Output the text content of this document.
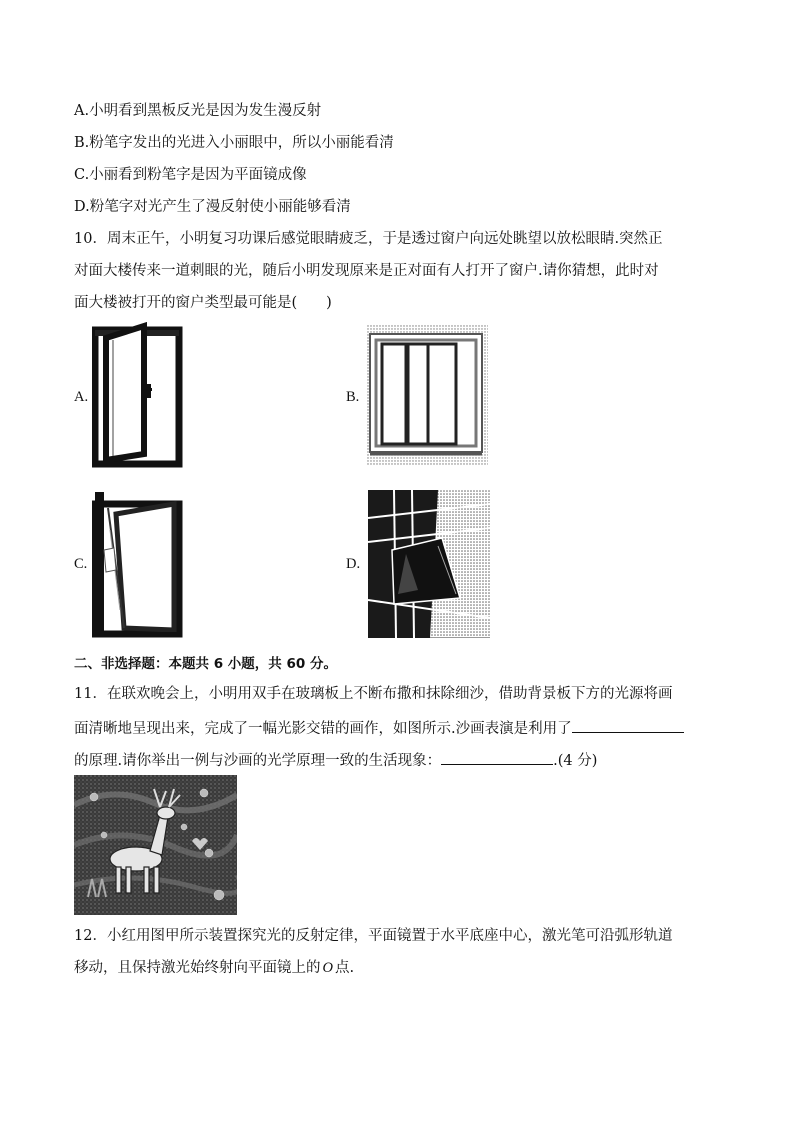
A.小明看到黑板反光是因为发生漫反射
B.粉笔字发出的光进入小丽眼中，所以小丽能看清
C.小丽看到粉笔字是因为平面镜成像
D.粉笔字对光产生了漫反射使小丽能够看清
10．周末正午，小明复习功课后感觉眼睛疲乏，于是透过窗户向远处眺望以放松眼睛.突然正
对面大楼传来一道刺眼的光，随后小明发现原来是正对面有人打开了窗户.请你猜想，此时对
面大楼被打开的窗户类型最可能是(　　)
A.	B.
C.	D.
二、非选择题：本题共 6 小题，共 60 分。
11．在联欢晚会上，小明用双手在玻璃板上不断布撒和抹除细沙，借助背景板下方的光源将画
面清晰地呈现出来，完成了一幅光影交错的画作，如图所示.沙画表演是利用了
的原理.请你举出一例与沙画的光学原理一致的生活现象：	.(4 分)
12．小红用图甲所示装置探究光的反射定律，平面镜置于水平底座中心，激光笔可沿弧形轨道
移动，且保持激光始终射向平面镜上的 O 点.
